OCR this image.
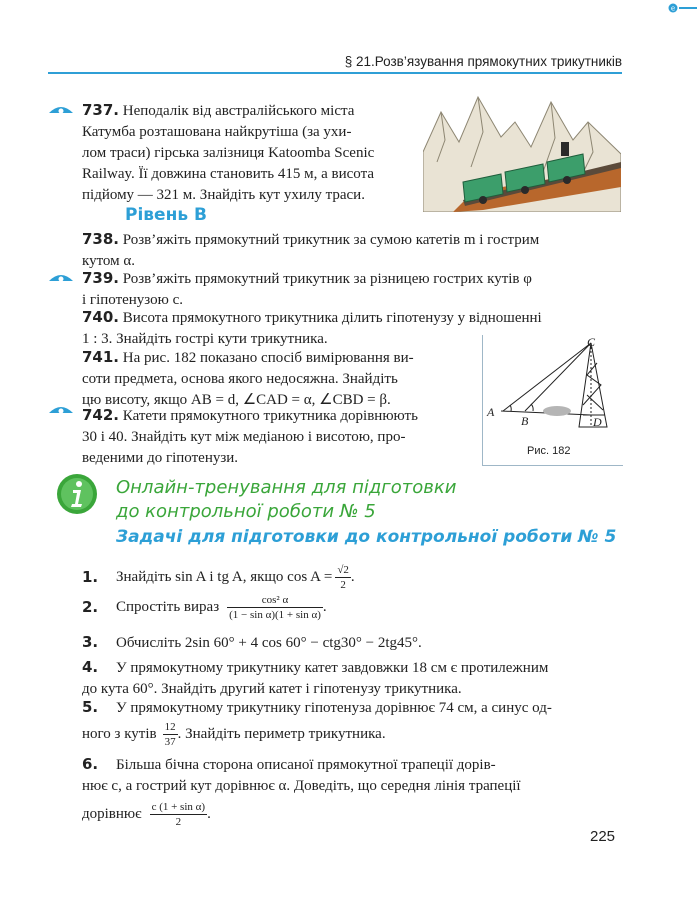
e
§ 21.Розв’язування прямокутних трикутників
737. Неподалік від австралійського міста
Катумба розташована найкрутіша (за ухи-
лом траси) гірська залізниця Katoomba Scenic
Railway. Її довжина становить 415 м, а висота
підйому — 321 м. Знайдіть кут ухилу траси.
Рівень В
738. Розв’яжіть прямокутний трикутник за сумою катетів m і гострим
кутом α.
739. Розв’яжіть прямокутний трикутник за різницею гострих кутів φ
і гіпотенузою c.
740. Висота прямокутного трикутника ділить гіпотенузу у відношенні
1 : 3. Знайдіть гострі кути трикутника.
741. На рис. 182 показано спосіб вимірювання ви-
соти предмета, основа якого недосяжна. Знайдіть
цю висоту, якщо AB = d, ∠CAD = α, ∠CBD = β.
742. Катети прямокутного трикутника дорівнюють
30 і 40. Знайдіть кут між медіаною і висотою, про-
веденими до гіпотенузи.
C
A
B	D
Рис. 182
Онлайн-тренування для підготовки
до контрольної роботи № 5
Задачі для підготовки до контрольної роботи № 5
1.	Знайдіть sin A і tg A, якщо $\cos A = \frac{√2}{2}$ .
2.	Спростіть вираз $\frac{\text{cos² α}}{\text{(1 − sin α)(1 + sin α)}}$ .
3. Обчисліть 2sin 60° + 4 cos 60° − ctg30° − 2tg45°.
4. У прямокутному трикутнику катет завдовжки 18 см є протилежним
до кута 60°. Знайдіть другий катет і гіпотенузу трикутника.
5. У прямокутному трикутнику гіпотенуза дорівнює 74 см, а синус од-
ного з кутів $\frac{12}{37}$ . Знайдіть периметр трикутника.
6. Більша бічна сторона описаної прямокутної трапеції дорів-
нює c, а гострий кут дорівнює α. Доведіть, що середня лінія трапеції
дорівнює $\frac{\text{c (1 + sin α)}}{2}$ .
225
